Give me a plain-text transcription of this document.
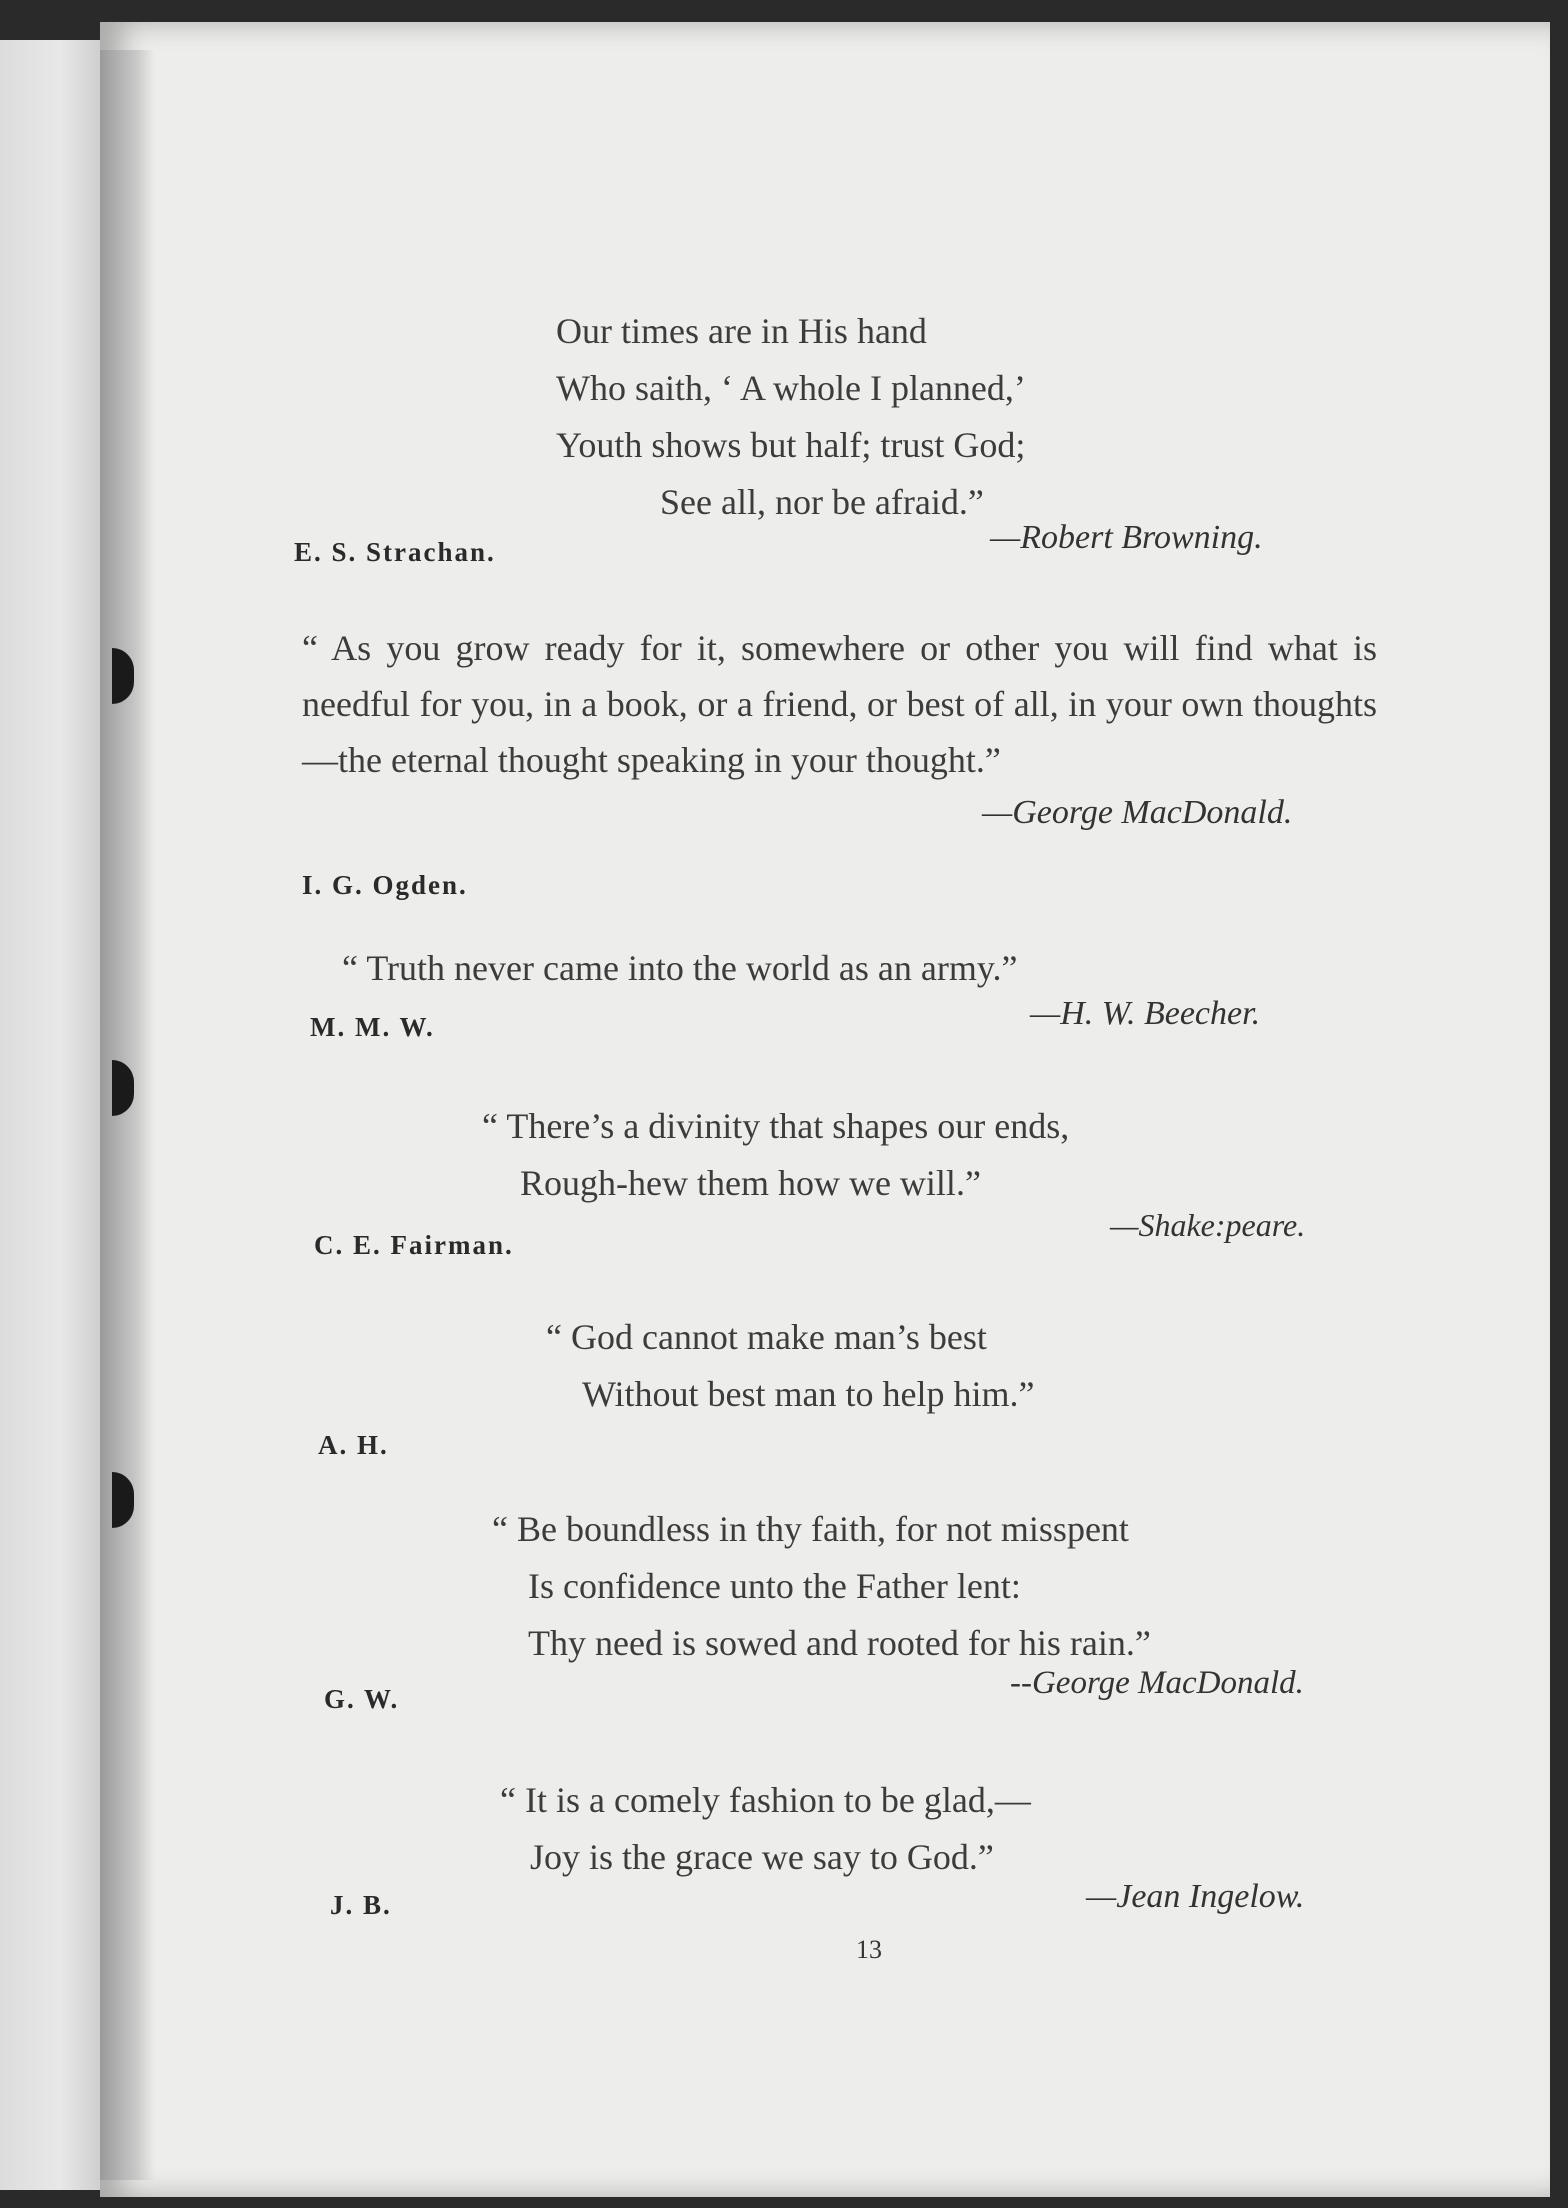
Our times are in His hand
Who saith, ‘ A whole I planned,’
Youth shows but half; trust God;
See all, nor be afraid.”
—Robert Browning.
E. S. Strachan.
“ As you grow ready for it, somewhere or other you will find what is needful for you, in a book, or a friend, or best of all, in your own thoughts—the eternal thought speaking in your thought.”
—George MacDonald.
I. G. Ogden.
“ Truth never came into the world as an army.”
—H. W. Beecher.
M. M. W.
“ There’s a divinity that shapes our ends,
Rough-hew them how we will.”
—Shake:peare.
C. E. Fairman.
“ God cannot make man’s best
Without best man to help him.”
A. H.
“ Be boundless in thy faith, for not misspent
Is confidence unto the Father lent:
Thy need is sowed and rooted for his rain.”
--George MacDonald.
G. W.
“ It is a comely fashion to be glad,—
Joy is the grace we say to God.”
—Jean Ingelow.
J. B.
13
